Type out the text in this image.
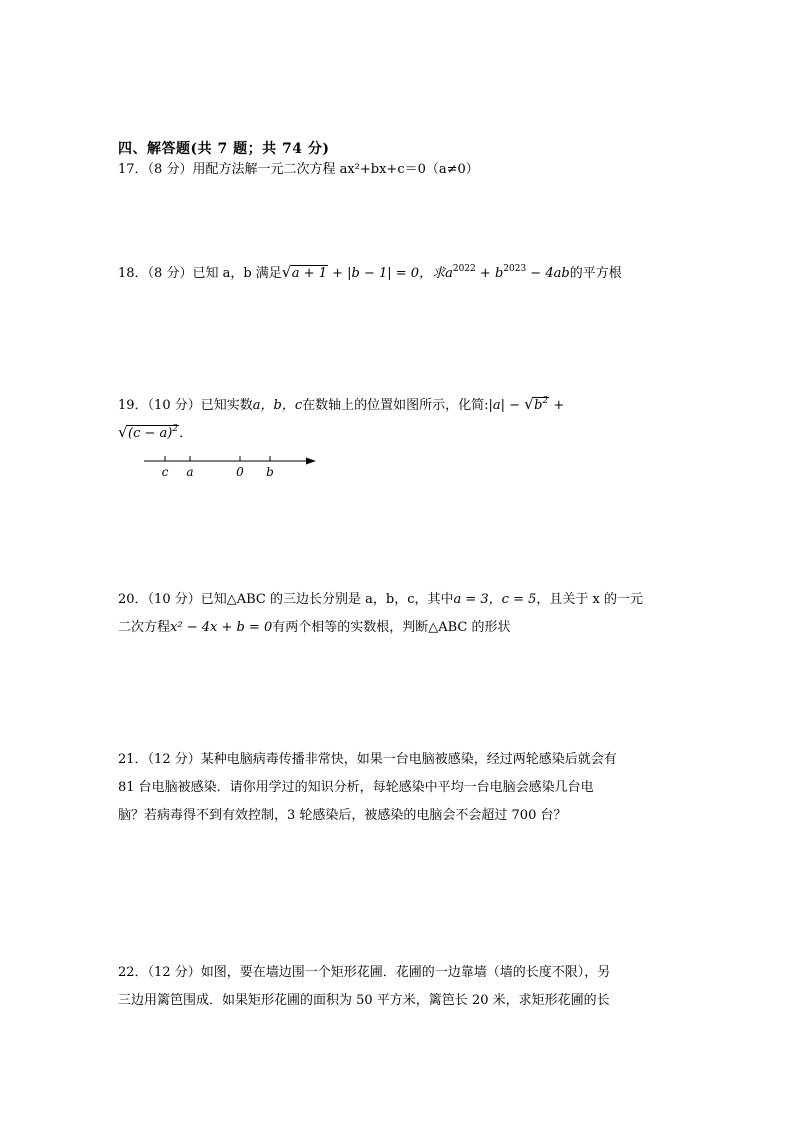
四、解答题(共 7 题；共 74 分)
17．（8 分）用配方法解一元二次方程 ax²+bx+c＝0（a≠0）
18．（8 分）已知 a，b 满足 √ a + 1 + |b − 1| = 0，求$a^{2022} + b^{2023} - 4ab$的平方根
19．（10 分）已知实数a，b，c在数轴上的位置如图所示，化简:|a| − √ $b^2$ +
√ $(c - a)^2$．
c a	0 b
20．（10 分）已知△ABC 的三边长分别是 a，b，c，其中a = 3，c = 5，且关于 x 的一元
二次方程x² − 4x + b = 0有两个相等的实数根，判断△ABC 的形状
21．（12 分）某种电脑病毒传播非常快，如果一台电脑被感染，经过两轮感染后就会有
81 台电脑被感染．请你用学过的知识分析，每轮感染中平均一台电脑会感染几台电
脑？若病毒得不到有效控制，3 轮感染后，被感染的电脑会不会超过 700 台？
22．（12 分）如图，要在墙边围一个矩形花圃．花圃的一边靠墙（墙的长度不限），另
三边用篱笆围成．如果矩形花圃的面积为 50 平方米，篱笆长 20 米，求矩形花圃的长
